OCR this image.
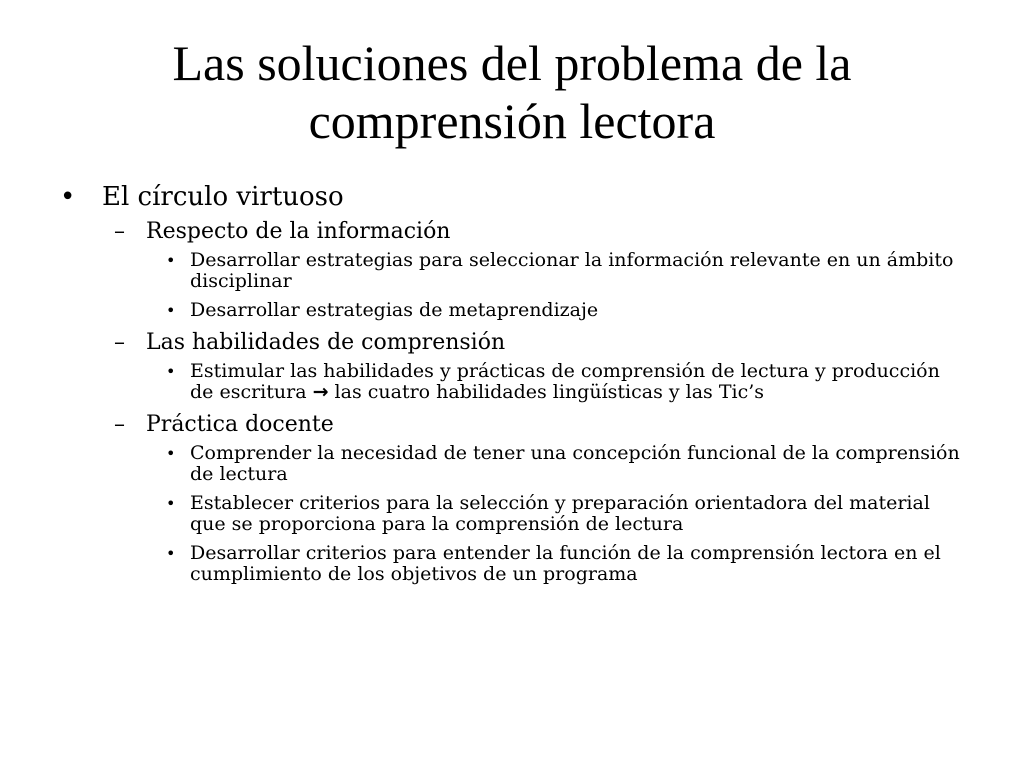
Las soluciones del problema de la comprensión lectora
•	El círculo virtuoso
– Respecto de la información
• Desarrollar estrategias para seleccionar la información relevante en un ámbito disciplinar
• Desarrollar estrategias de metaprendizaje
– Las habilidades de comprensión
• Estimular las habilidades y prácticas de comprensión de lectura y producción de escritura → las cuatro habilidades lingüísticas y las Tic’s
– Práctica docente
• Comprender la necesidad de tener una concepción funcional de la comprensión de lectura
• Establecer criterios para la selección y preparación orientadora del material que se proporciona para la comprensión de lectura
• Desarrollar criterios para entender la función de la comprensión lectora en el cumplimiento de los objetivos de un programa
